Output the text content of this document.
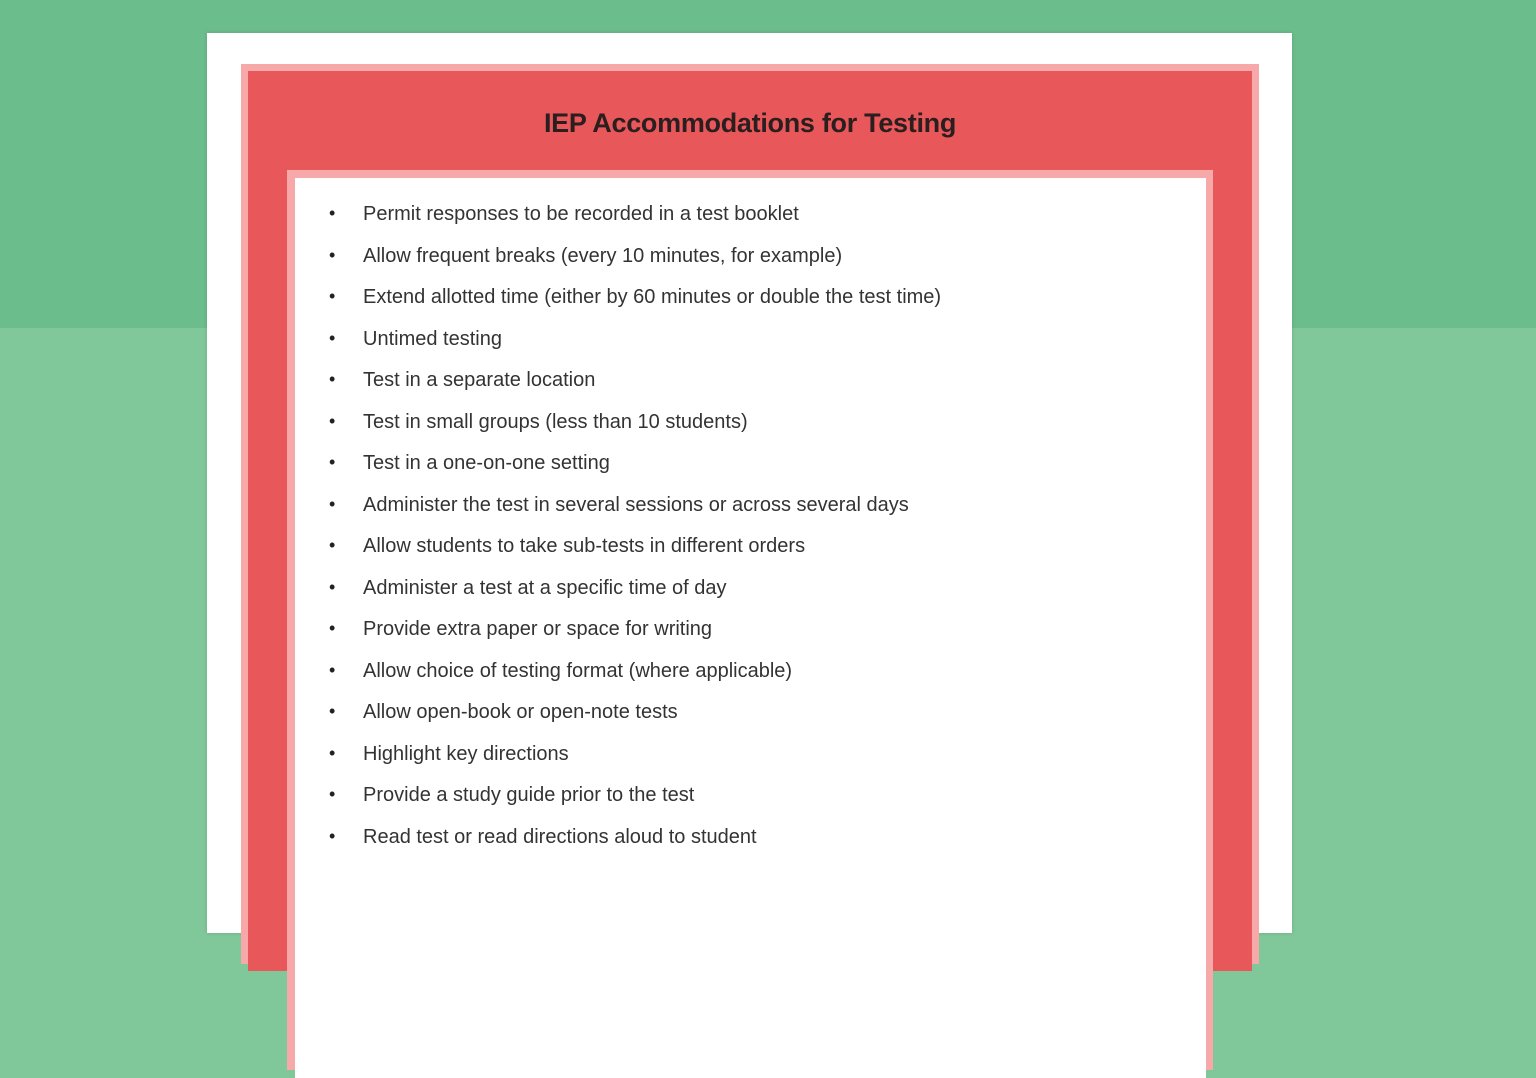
IEP Accommodations for Testing
•	Permit responses to be recorded in a test booklet
•	Allow frequent breaks (every 10 minutes, for example)
•	Extend allotted time (either by 60 minutes or double the test time)
•	Untimed testing
•	Test in a separate location
•	Test in small groups (less than 10 students)
•	Test in a one-on-one setting
•	Administer the test in several sessions or across several days
•	Allow students to take sub-tests in different orders
•	Administer a test at a specific time of day
•	Provide extra paper or space for writing
•	Allow choice of testing format (where applicable)
•	Allow open-book or open-note tests
•	Highlight key directions
•	Provide a study guide prior to the test
•	Read test or read directions aloud to student
